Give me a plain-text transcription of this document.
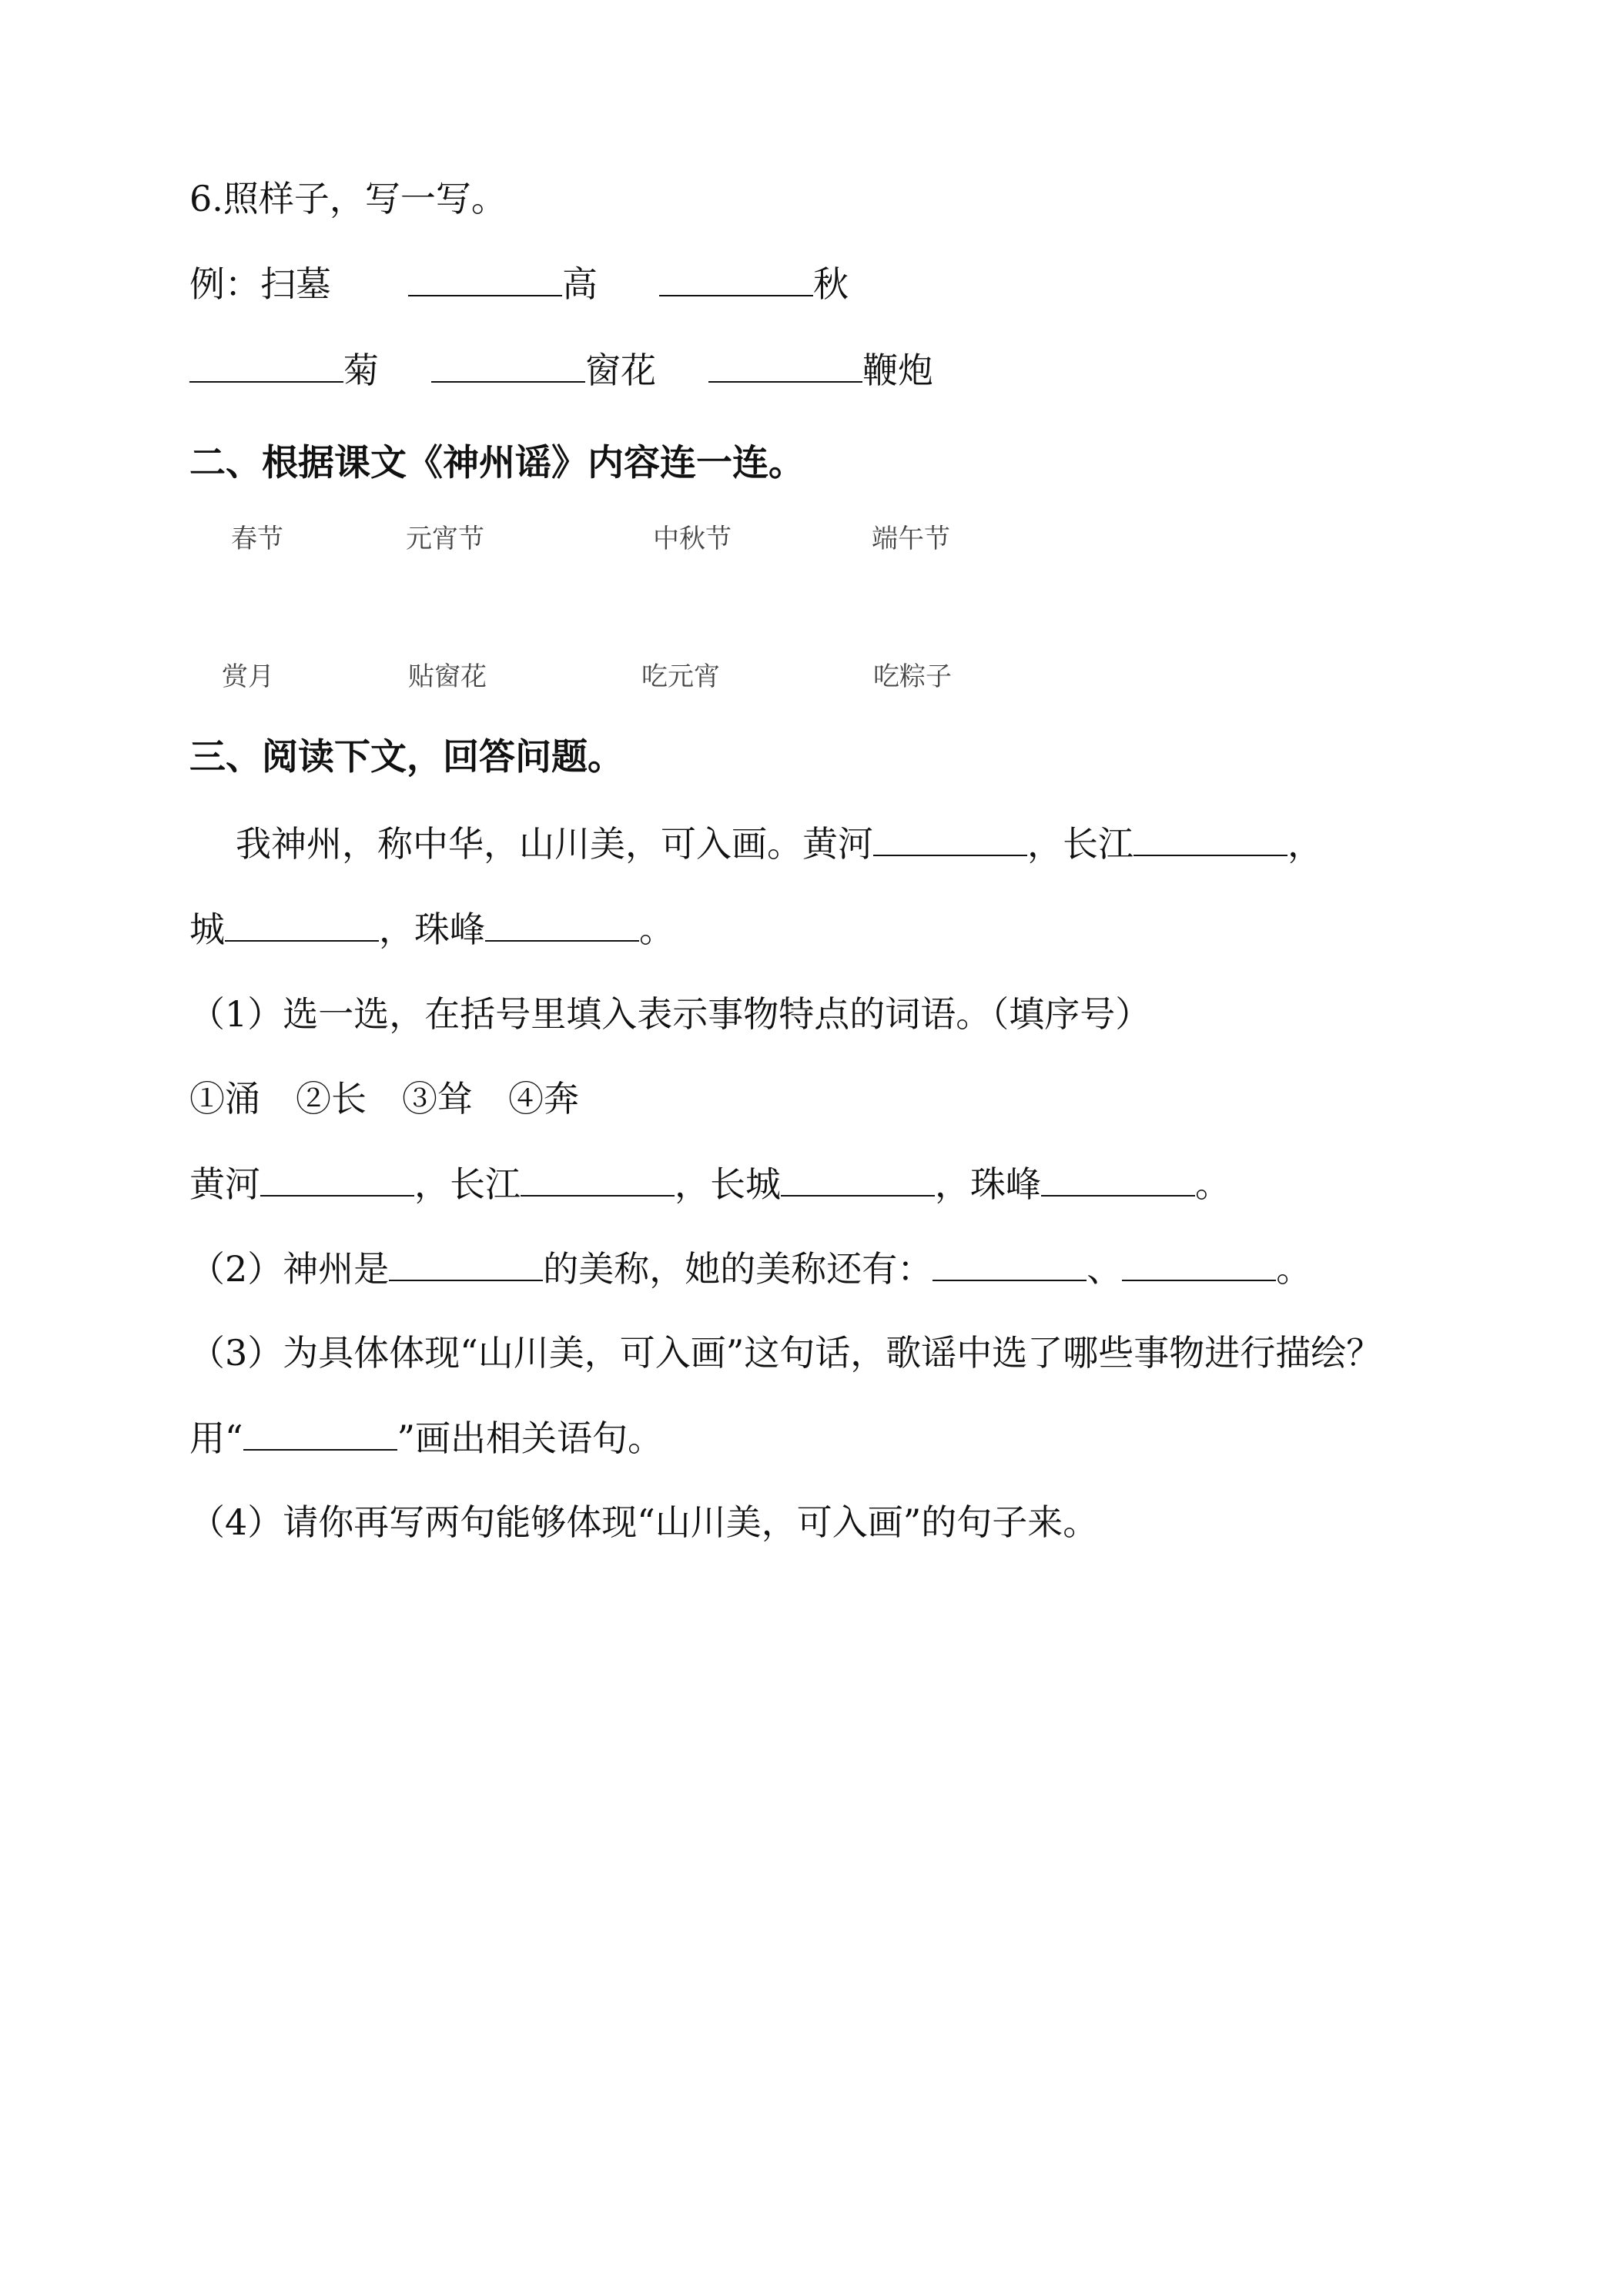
6.照样子，写一写。
例：扫墓	高	秋
菊	窗花	鞭炮
二、根据课文《神州谣》内容连一连。
春节	元宵节	中秋节	端午节
赏月	贴窗花	吃元宵	吃粽子
三、阅读下文，回答问题。
我神州，称中华，山川美，可入画。黄河	，长江	，
城	，珠峰	。
（1）选一选，在括号里填入表示事物特点的词语。（填序号）
①涌　②长　③耸　④奔
黄河	，长江	，长城	，珠峰	。
（2）神州是	的美称，她的美称还有：	、	。
（3）为具体体现“山川美，可入画”这句话，歌谣中选了哪些事物进行描绘？
用“	”画出相关语句。
（4）请你再写两句能够体现“山川美，可入画”的句子来。
